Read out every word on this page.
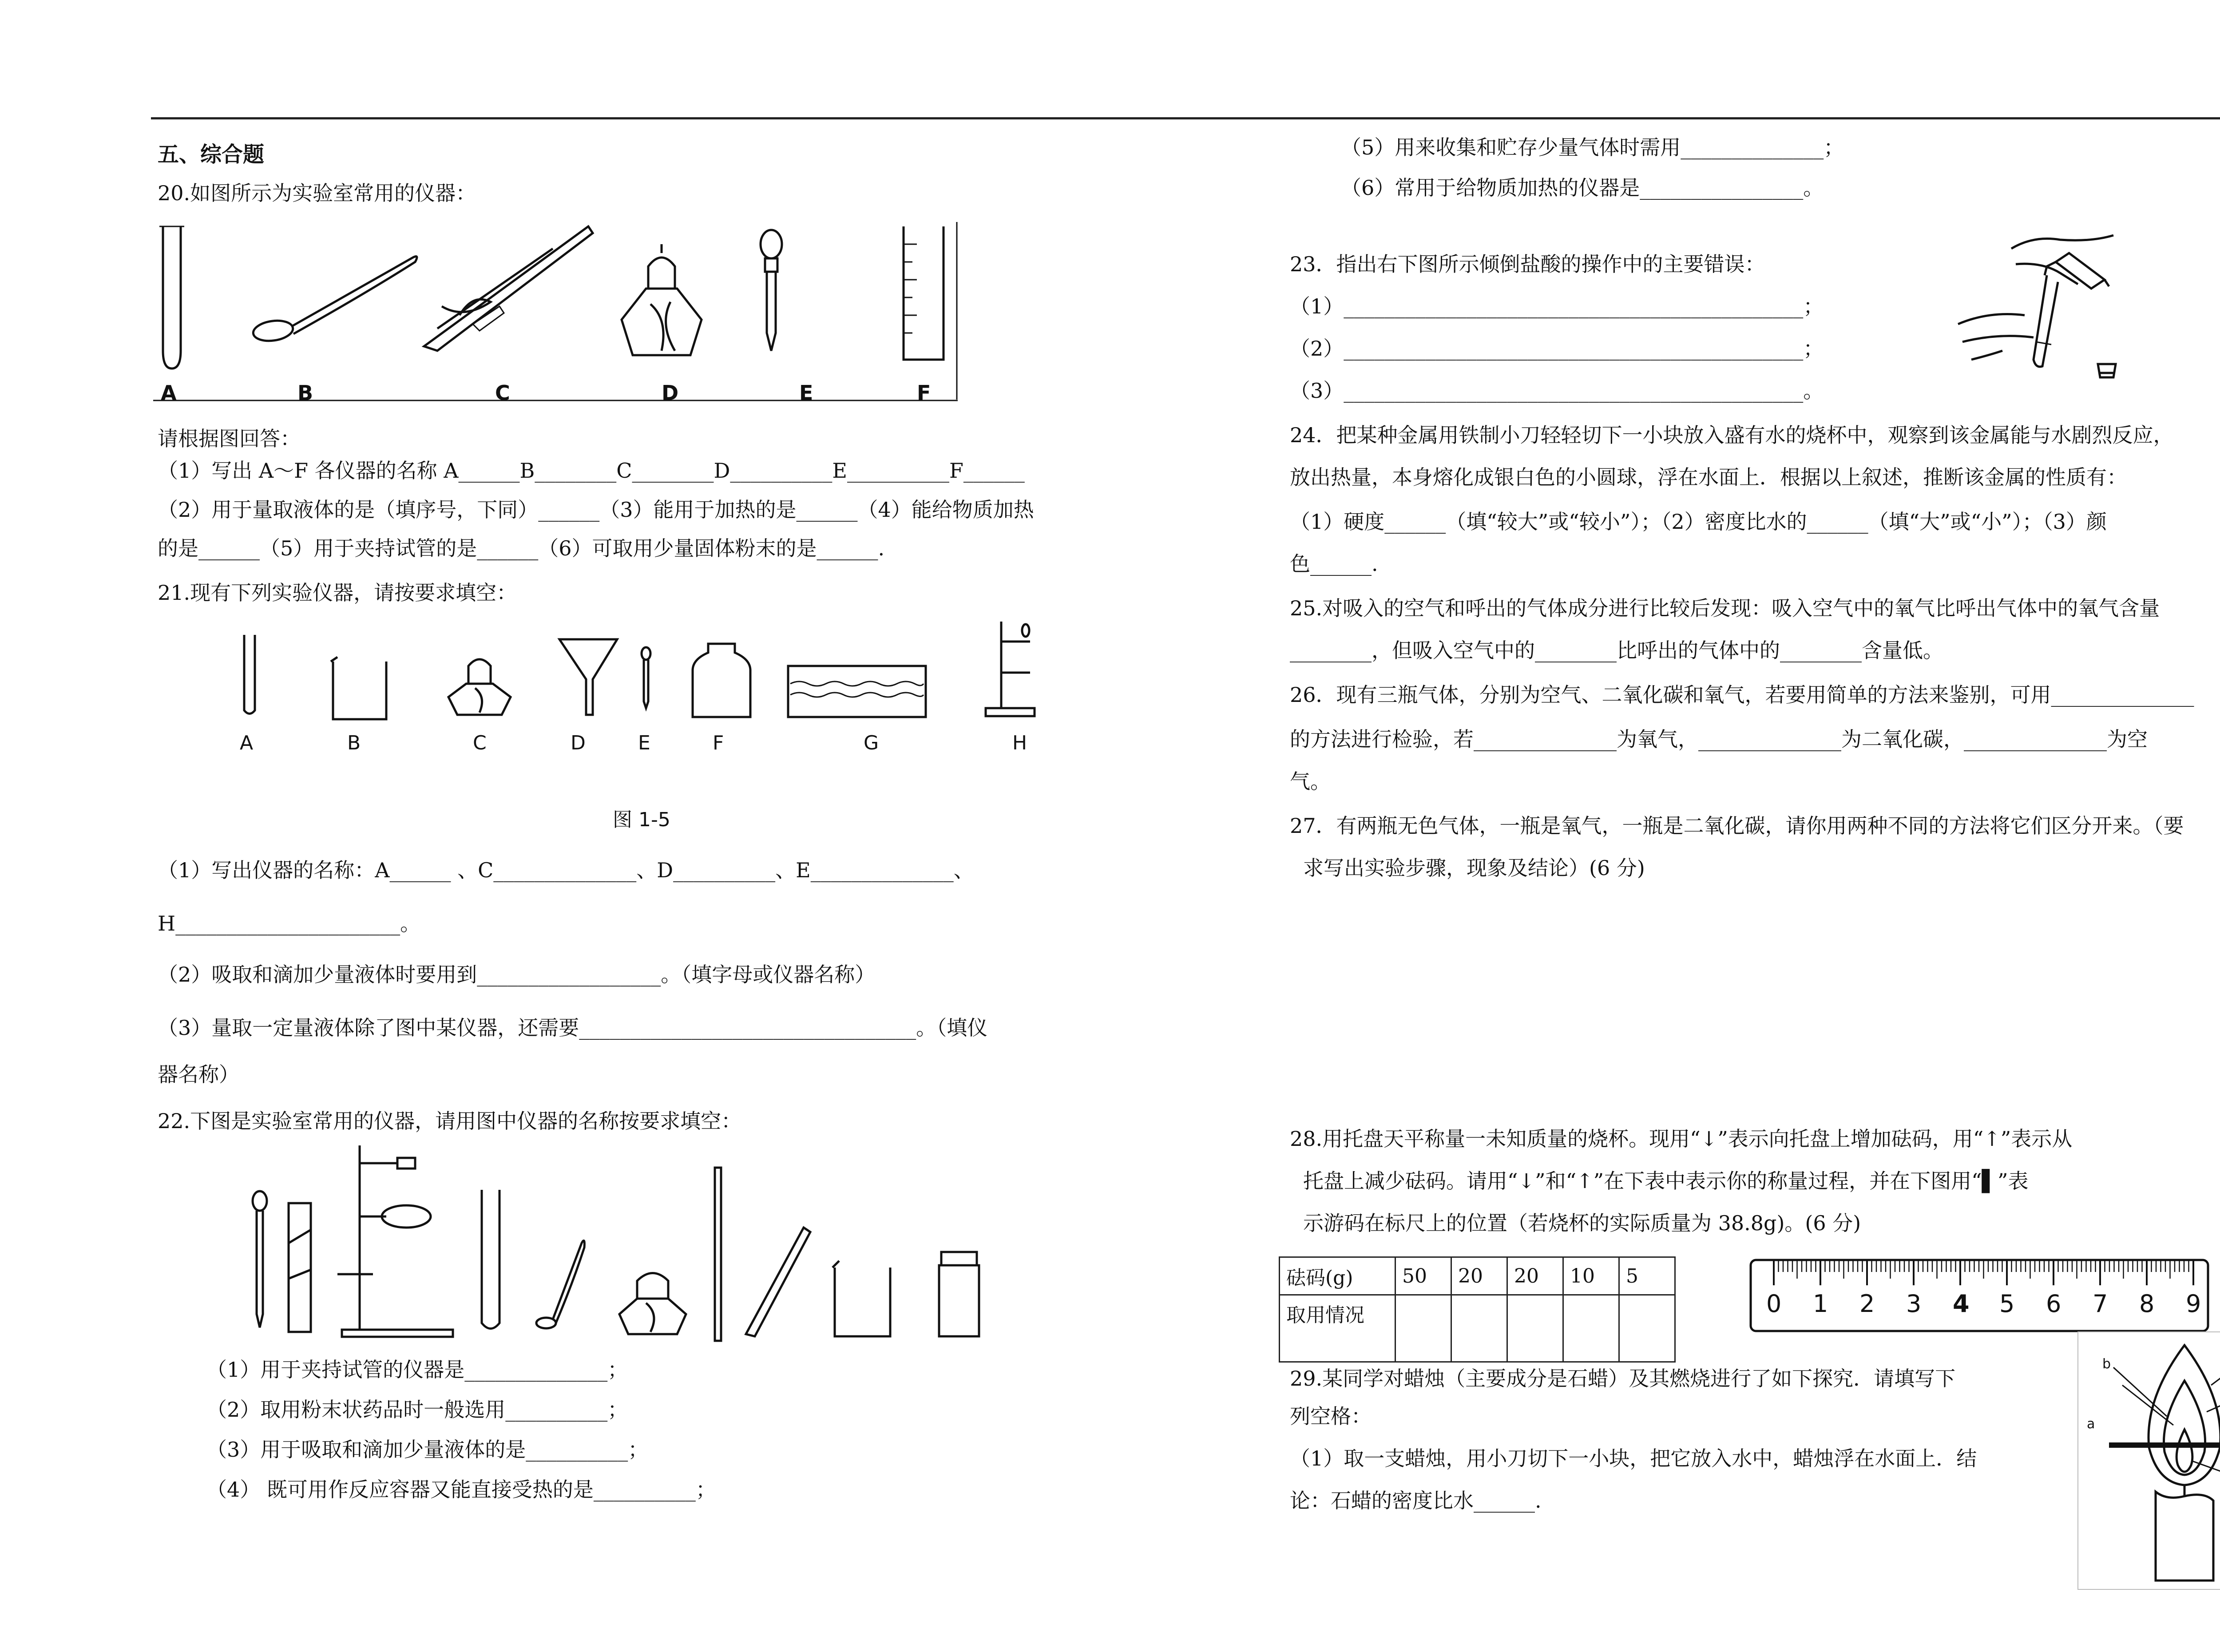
五、综合题
20.如图所示为实验室常用的仪器：
A	B	C	D	E	F
请根据图回答：
（1）写出 A～F 各仪器的名称 A______B________C________D__________E__________F______
（2）用于量取液体的是（填序号，下同）______（3）能用于加热的是______（4）能给物质加热
的是______（5）用于夹持试管的是______（6）可取用少量固体粉末的是______.
21.现有下列实验仪器，请按要求填空：
A	B	C	D	E	F	G	H
图 1-5
（1）写出仪器的名称：A______ 、C______________、D__________、E______________、
H______________________。
（2）吸取和滴加少量液体时要用到__________________。（填字母或仪器名称）
（3）量取一定量液体除了图中某仪器，还需要_________________________________。（填仪
器名称）
22.下图是实验室常用的仪器，请用图中仪器的名称按要求填空：
（1）用于夹持试管的仪器是______________；
（2）取用粉末状药品时一般选用__________；
（3）用于吸取和滴加少量液体的是__________；
（4） 既可用作反应容器又能直接受热的是__________；
（5）用来收集和贮存少量气体时需用______________；
（6）常用于给物质加热的仪器是________________。
23．指出右下图所示倾倒盐酸的操作中的主要错误：
（1）_____________________________________________；
（2）_____________________________________________；
（3）_____________________________________________。
24．把某种金属用铁制小刀轻轻切下一小块放入盛有水的烧杯中，观察到该金属能与水剧烈反应，
放出热量，本身熔化成银白色的小圆球，浮在水面上．根据以上叙述，推断该金属的性质有：
（1）硬度______（填“较大”或“较小”）；（2）密度比水的______（填“大”或“小”）；（3）颜
色______.
25.对吸入的空气和呼出的气体成分进行比较后发现：吸入空气中的氧气比呼出气体中的氧气含量
________，但吸入空气中的________比呼出的气体中的________含量低。
26．现有三瓶气体，分别为空气、二氧化碳和氧气，若要用简单的方法来鉴别，可用______________
的方法进行检验，若______________为氧气，______________为二氧化碳，______________为空
气。
27．有两瓶无色气体，一瓶是氧气，一瓶是二氧化碳，请你用两种不同的方法将它们区分开来。（要
求写出实验步骤，现象及结论）(6 分)
28.用托盘天平称量一未知质量的烧杯。现用“↓”表示向托盘上增加砝码，用“↑”表示从
托盘上减少砝码。请用“↓”和“↑”在下表中表示你的称量过程，并在下图用“▌”表
示游码在标尺上的位置（若烧杯的实际质量为 38.8g)。(6 分)
砝码(g)	50	20	20	10	5
取用情况						0 1 2 3 4 5 6 7 8 9
29.某同学对蜡烛（主要成分是石蜡）及其燃烧进行了如下探究．请填写下
列空格：
（1）取一支蜡烛，用小刀切下一小块，把它放入水中，蜡烛浮在水面上．结
论：石蜡的密度比水______.
b
a
